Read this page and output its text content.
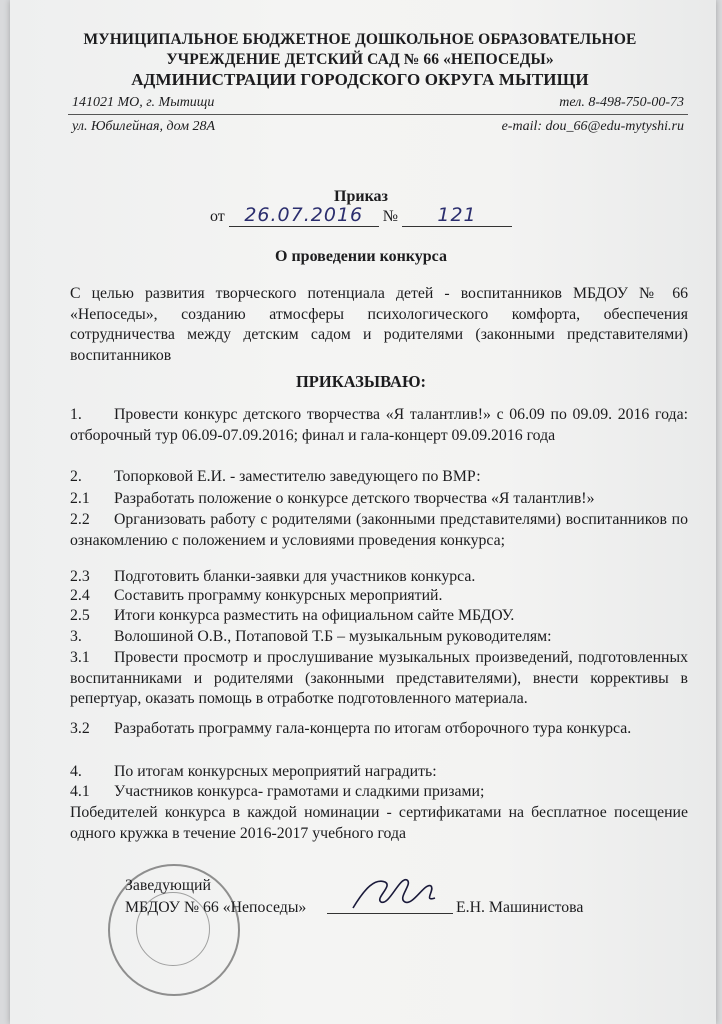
МУНИЦИПАЛЬНОЕ БЮДЖЕТНОЕ ДОШКОЛЬНОЕ ОБРАЗОВАТЕЛЬНОЕ
УЧРЕЖДЕНИЕ ДЕТСКИЙ САД № 66 «НЕПОСЕДЫ»
АДМИНИСТРАЦИИ ГОРОДСКОГО ОКРУГА МЫТИЩИ
141021 МО, г. Мытищи	тел. 8-498-750-00-73
ул. Юбилейная, дом 28А	e-mail: dou_66@edu-mytyshi.ru
Приказ
от 26.07.2016 № 121
О проведении конкурса
С целью развития творческого потенциала детей - воспитанников МБДОУ № 66 «Непоседы», созданию атмосферы психологического комфорта, обеспечения сотрудничества между детским садом и родителями (законными представителями) воспитанников
ПРИКАЗЫВАЮ:
1. Провести конкурс детского творчества «Я талантлив!» с 06.09 по 09.09. 2016 года: отборочный тур 06.09-07.09.2016; финал и гала-концерт 09.09.2016 года
2. Топорковой Е.И. - заместителю заведующего по ВМР:
2.1 Разработать положение о конкурсе детского творчества «Я талантлив!»
2.2 Организовать работу с родителями (законными представителями) воспитанников по ознакомлению с положением и условиями проведения конкурса;
2.3 Подготовить бланки-заявки для участников конкурса.
2.4 Составить программу конкурсных мероприятий.
2.5 Итоги конкурса разместить на официальном сайте МБДОУ.
3. Волошиной О.В., Потаповой Т.Б – музыкальным руководителям:
3.1 Провести просмотр и прослушивание музыкальных произведений, подготовленных воспитанниками и родителями (законными представителями), внести коррективы в репертуар, оказать помощь в отработке подготовленного материала.
3.2 Разработать программу гала-концерта по итогам отборочного тура конкурса.
4. По итогам конкурсных мероприятий наградить:
4.1 Участников конкурса- грамотами и сладкими призами;
Победителей конкурса в каждой номинации - сертификатами на бесплатное посещение одного кружка в течение 2016-2017 учебного года
Заведующий
МБДОУ № 66 «Непоседы»	Е.Н. Машинистова
